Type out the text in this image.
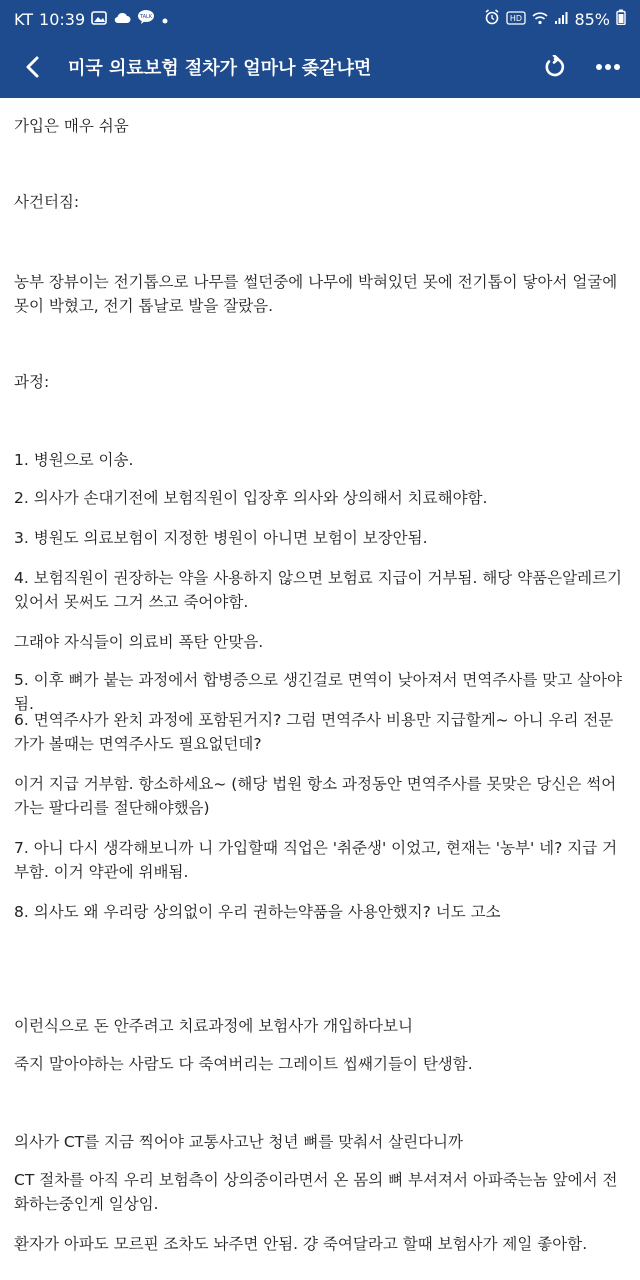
KT 10:39	TALK	HD	85%
미국 의료보험 절차가 얼마나 좆같냐면
가입은 매우 쉬움
사건터짐:
농부 장뷰이는 전기톱으로 나무를 썰던중에 나무에 박혀있던 못에 전기톱이 닿아서 얼굴에 못이 박혔고, 전기 톱날로 발을 잘랐음.
과정:
1. 병원으로 이송.
2. 의사가 손대기전에 보험직원이 입장후 의사와 상의해서 치료해야함.
3. 병원도 의료보험이 지정한 병원이 아니면 보험이 보장안됨.
4. 보험직원이 권장하는 약을 사용하지 않으면 보험료 지급이 거부됨. 해당 약품은알레르기 있어서 못써도 그거 쓰고 죽어야함.
그래야 자식들이 의료비 폭탄 안맞음.
5. 이후 뼈가 붙는 과정에서 합병증으로 생긴걸로 면역이 낮아져서 면역주사를 맞고 살아야됨.
6. 면역주사가 완치 과정에 포함된거지? 그럼 면역주사 비용만 지급할게~ 아니 우리 전문가가 볼때는 면역주사도 필요없던데?
이거 지급 거부함. 항소하세요~ (해당 법원 항소 과정동안 면역주사를 못맞은 당신은 썩어가는 팔다리를 절단해야했음)
7. 아니 다시 생각해보니까 니 가입할때 직업은 '취준생' 이었고, 현재는 '농부' 네? 지급 거부함. 이거 약관에 위배됨.
8. 의사도 왜 우리랑 상의없이 우리 권하는약품을 사용안했지? 너도 고소
이런식으로 돈 안주려고 치료과정에 보험사가 개입하다보니
죽지 말아야하는 사람도 다 죽여버리는 그레이트 씹쌔기들이 탄생함.
의사가 CT를 지금 찍어야 교통사고난 청년 뼈를 맞춰서 살린다니까
CT 절차를 아직 우리 보험측이 상의중이라면서 온 몸의 뼈 부셔져서 아파죽는놈 앞에서 전화하는중인게 일상임.
환자가 아파도 모르핀 조차도 놔주면 안됨. 걍 죽여달라고 할때 보험사가 제일 좋아함.
